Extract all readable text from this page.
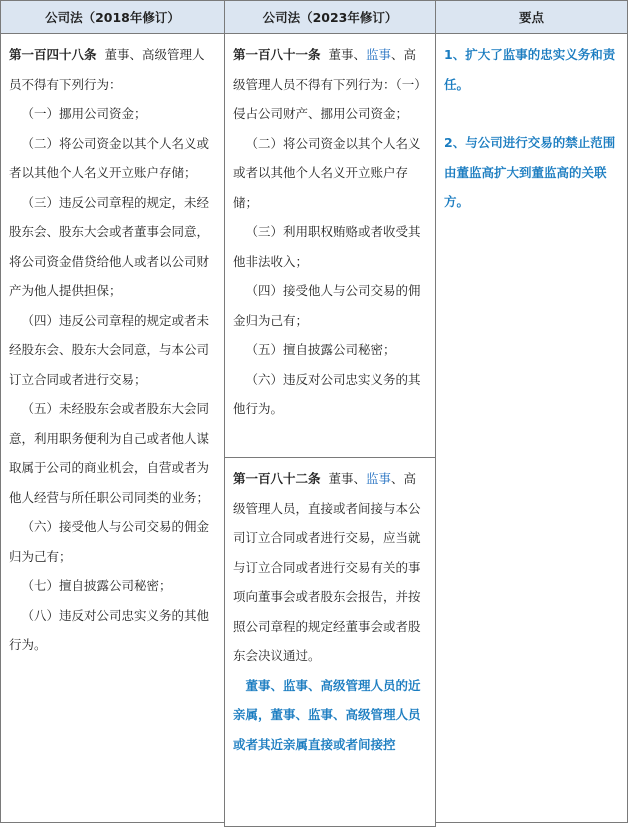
公司法（2018年修订）	公司法（2023年修订）	要点

第一百四十八条 董事、高级管理人员不得有下列行为：

（一）挪用公司资金；

（二）将公司资金以其个人名义或者以其他个人名义开立账户存储；

（三）违反公司章程的规定，未经股东会、股东大会或者董事会同意，将公司资金借贷给他人或者以公司财产为他人提供担保；

（四）违反公司章程的规定或者未经股东会、股东大会同意，与本公司订立合同或者进行交易；

（五）未经股东会或者股东大会同意，利用职务便利为自己或者他人谋取属于公司的商业机会，自营或者为他人经营与所任职公司同类的业务；

（六）接受他人与公司交易的佣金归为己有；

（七）擅自披露公司秘密；

（八）违反对公司忠实义务的其他行为。

第一百八十一条 董事、监事、高级管理人员不得有下列行为：（一）侵占公司财产、挪用公司资金；

（二）将公司资金以其个人名义或者以其他个人名义开立账户存储；

（三）利用职权贿赂或者收受其他非法收入；

（四）接受他人与公司交易的佣金归为己有；

（五）擅自披露公司秘密；

（六）违反对公司忠实义务的其他行为。

第一百八十二条 董事、监事、高级管理人员，直接或者间接与本公司订立合同或者进行交易，应当就与订立合同或者进行交易有关的事项向董事会或者股东会报告，并按照公司章程的规定经董事会或者股东会决议通过。

董事、监事、高级管理人员的近亲属，董事、监事、高级管理人员或者其近亲属直接或者间接控

1、扩大了监事的忠实义务和责任。

2、与公司进行交易的禁止范围由董监高扩大到董监高的关联方。
